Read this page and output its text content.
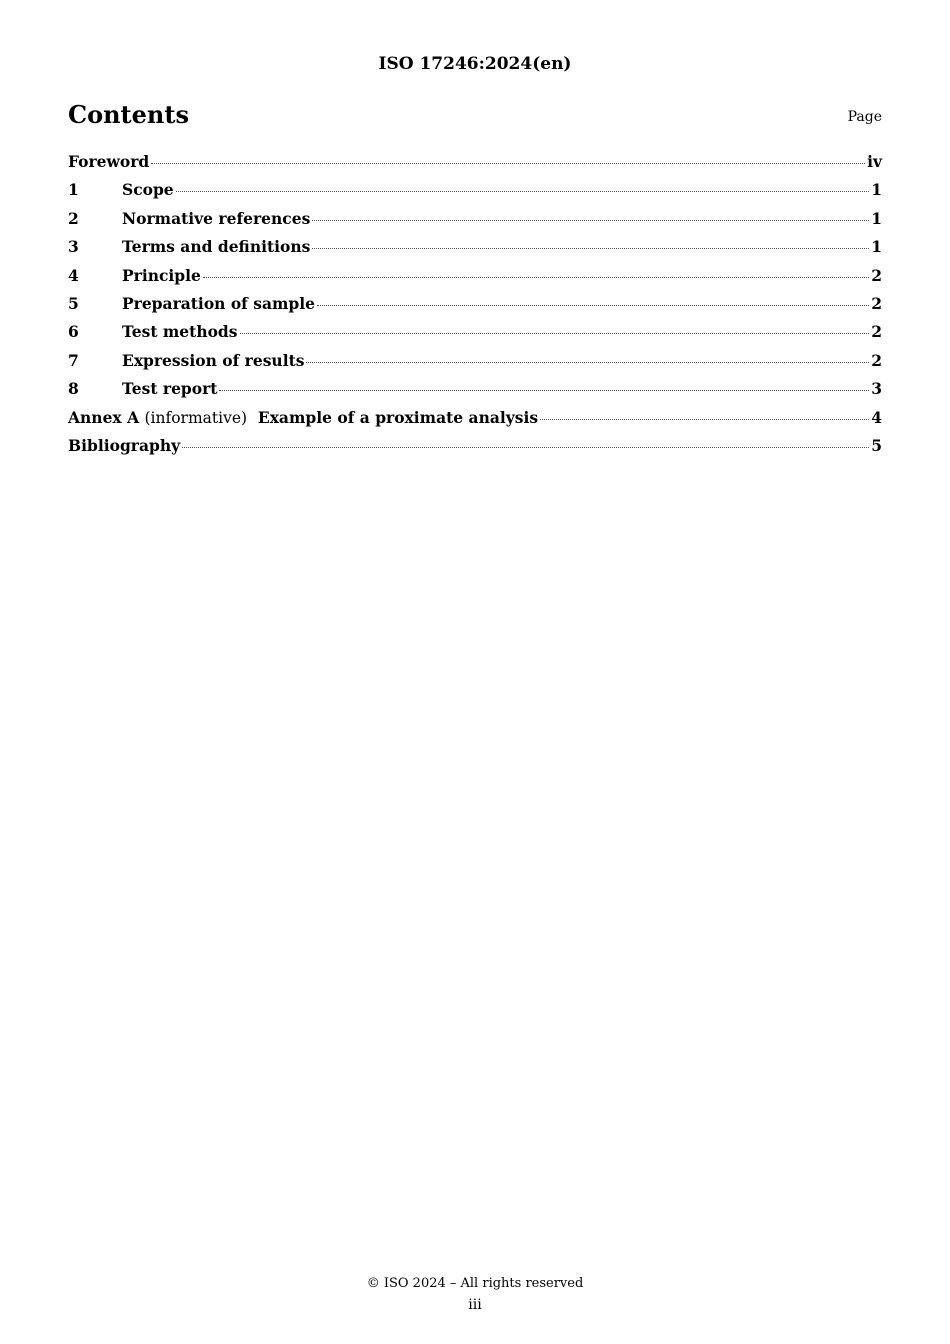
ISO 17246:2024(en)
Contents	Page
Foreword	iv
1	Scope	1
2	Normative references	1
3	Terms and definitions	1
4	Principle	2
5	Preparation of sample	2
6	Test methods	2
7	Expression of results	2
8	Test report	3
Annex A (informative) Example of a proximate analysis	4
Bibliography	5
© ISO 2024 – All rights reserved
iii
